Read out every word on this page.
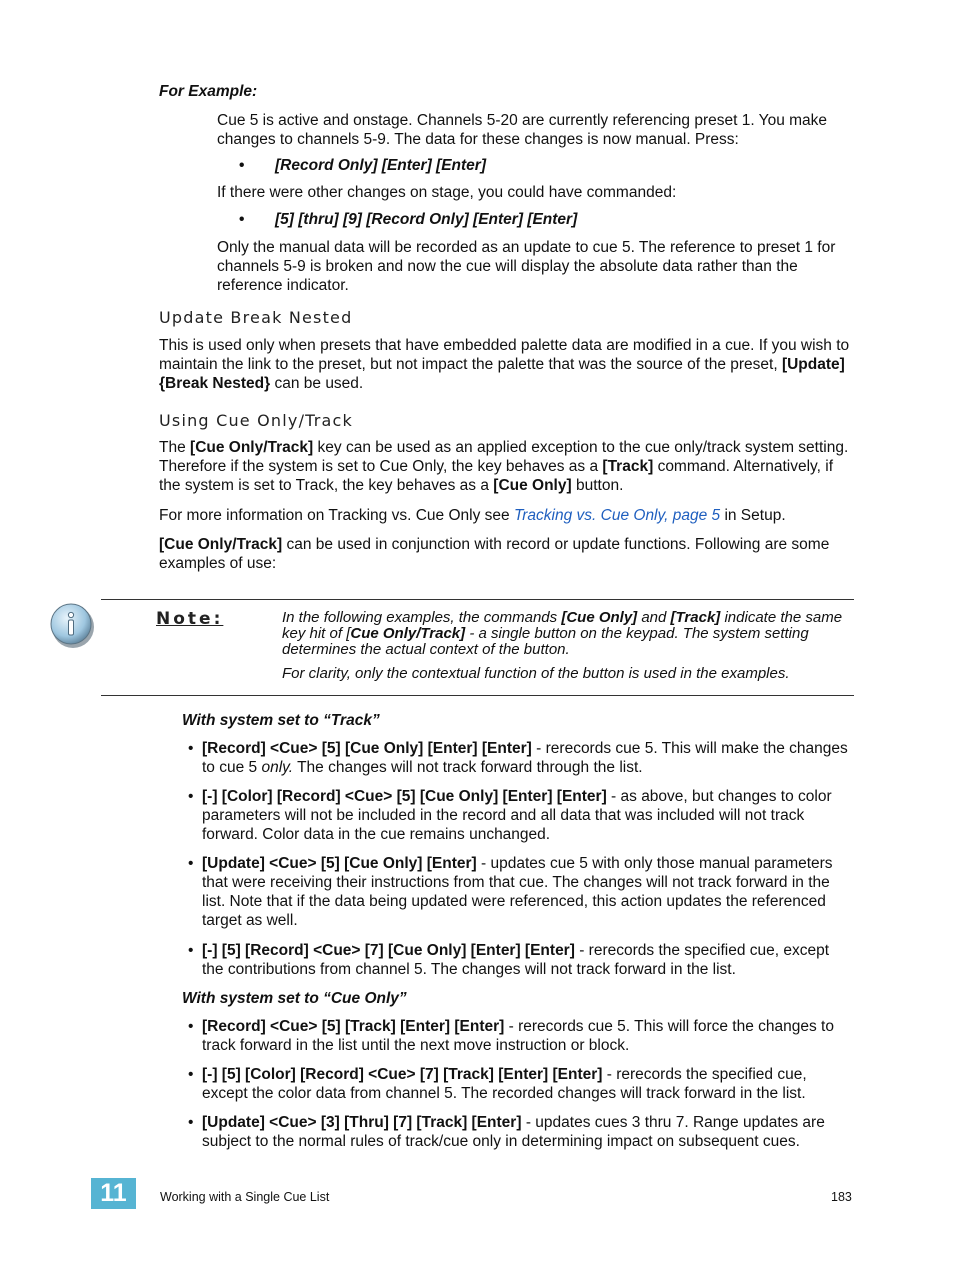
For Example:

Cue 5 is active and onstage. Channels 5-20 are currently referencing preset 1. You make changes to channels 5-9. The data for these changes is now manual. Press:

• [Record Only] [Enter] [Enter]

If there were other changes on stage, you could have commanded:

• [5] [thru] [9] [Record Only] [Enter] [Enter]

Only the manual data will be recorded as an update to cue 5. The reference to preset 1 for channels 5-9 is broken and now the cue will display the absolute data rather than the reference indicator.

Update Break Nested

This is used only when presets that have embedded palette data are modified in a cue. If you wish to maintain the link to the preset, but not impact the palette that was the source of the preset, [Update] {Break Nested} can be used.

Using Cue Only/Track

The [Cue Only/Track] key can be used as an applied exception to the cue only/track system setting. Therefore if the system is set to Cue Only, the key behaves as a [Track] command. Alternatively, if the system is set to Track, the key behaves as a [Cue Only] button.

For more information on Tracking vs. Cue Only see Tracking vs. Cue Only, page 5 in Setup.

[Cue Only/Track] can be used in conjunction with record or update functions. Following are some examples of use:

Note:	In the following examples, the commands [Cue Only] and [Track] indicate the same key hit of [Cue Only/Track] - a single button on the keypad. The system setting determines the actual context of the button.

For clarity, only the contextual function of the button is used in the examples.

With system set to “Track”

• [Record] <Cue> [5] [Cue Only] [Enter] [Enter] - rerecords cue 5. This will make the changes to cue 5 only. The changes will not track forward through the list.
• [-] [Color] [Record] <Cue> [5] [Cue Only] [Enter] [Enter] - as above, but changes to color parameters will not be included in the record and all data that was included will not track forward. Color data in the cue remains unchanged.
• [Update] <Cue> [5] [Cue Only] [Enter] - updates cue 5 with only those manual parameters that were receiving their instructions from that cue. The changes will not track forward in the list. Note that if the data being updated were referenced, this action updates the referenced target as well.
• [-] [5] [Record] <Cue> [7] [Cue Only] [Enter] [Enter] - rerecords the specified cue, except the contributions from channel 5. The changes will not track forward in the list.

With system set to “Cue Only”

• [Record] <Cue> [5] [Track] [Enter] [Enter] - rerecords cue 5. This will force the changes to track forward in the list until the next move instruction or block.
• [-] [5] [Color] [Record] <Cue> [7] [Track] [Enter] [Enter] - rerecords the specified cue, except the color data from channel 5. The recorded changes will track forward in the list.
• [Update] <Cue> [3] [Thru] [7] [Track] [Enter] - updates cues 3 thru 7. Range updates are subject to the normal rules of track/cue only in determining impact on subsequent cues.
11	Working with a Single Cue List	183
